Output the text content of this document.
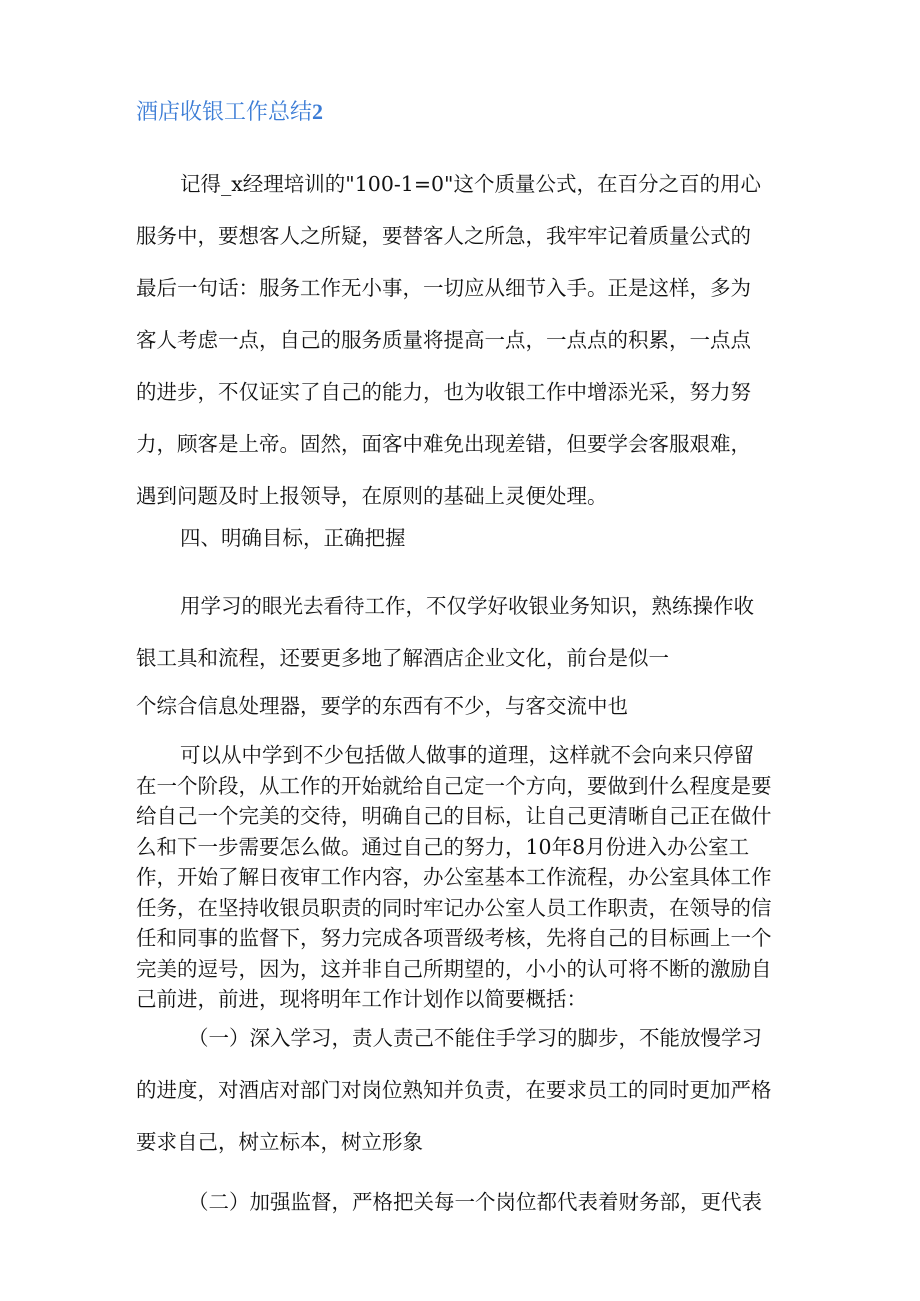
酒店收银工作总结2

记得_x经理培训的"100-1=0"这个质量公式，在百分之百的用心
服务中，要想客人之所疑，要替客人之所急，我牢牢记着质量公式的
最后一句话：服务工作无小事，一切应从细节入手。正是这样，多为
客人考虑一点，自己的服务质量将提高一点，一点点的积累，一点点
的进步，不仅证实了自己的能力，也为收银工作中增添光采，努力努
力，顾客是上帝。固然，面客中难免出现差错，但要学会客服艰难，
遇到问题及时上报领导，在原则的基础上灵便处理。

四、明确目标，正确把握

用学习的眼光去看待工作，不仅学好收银业务知识，熟练操作收
银工具和流程，还要更多地了解酒店企业文化，前台是似一

个综合信息处理器，要学的东西有不少，与客交流中也

可以从中学到不少包括做人做事的道理，这样就不会向来只停留
在一个阶段，从工作的开始就给自己定一个方向，要做到什么程度是要
给自己一个完美的交待，明确自己的目标，让自己更清晰自己正在做什
么和下一步需要怎么做。通过自己的努力，10年8月份进入办公室工
作，开始了解日夜审工作内容，办公室基本工作流程，办公室具体工作
任务，在坚持收银员职责的同时牢记办公室人员工作职责，在领导的信
任和同事的监督下，努力完成各项晋级考核，先将自己的目标画上一个
完美的逗号，因为，这并非自己所期望的，小小的认可将不断的激励自
己前进，前进，现将明年工作计划作以简要概括：

（一）深入学习，责人责己不能住手学习的脚步，不能放慢学习
的进度，对酒店对部门对岗位熟知并负责，在要求员工的同时更加严格
要求自己，树立标本，树立形象

（二）加强监督，严格把关每一个岗位都代表着财务部，更代表
